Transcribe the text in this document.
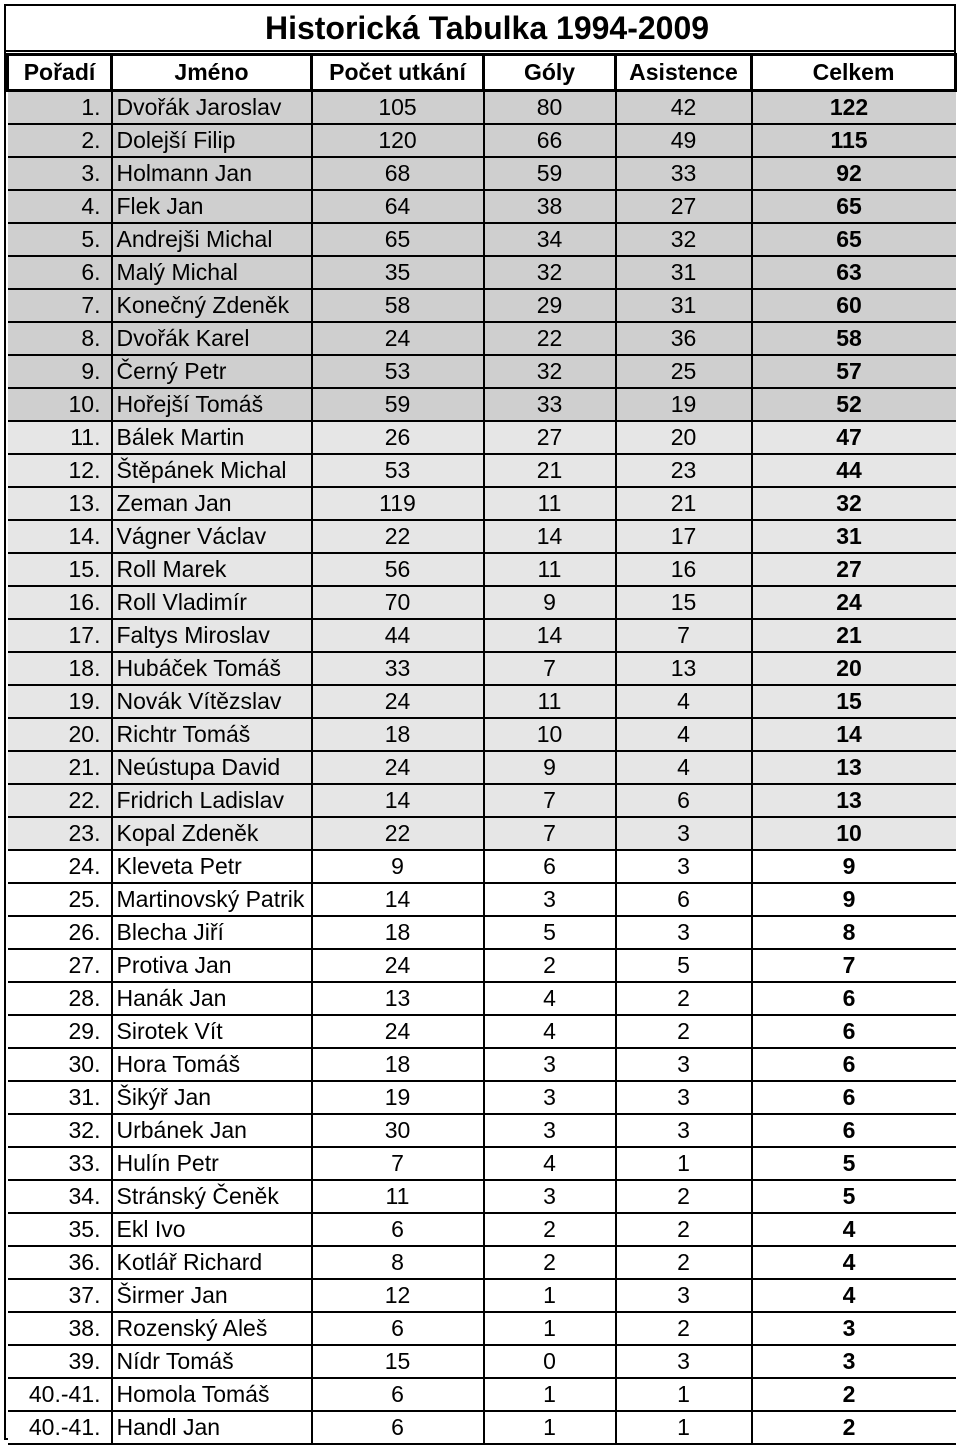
Historická Tabulka 1994-2009
Pořadí	Jméno	Počet utkání	Góly	Asistence	Celkem
1.	Dvořák Jaroslav	105	80	42	122
2.	Dolejší Filip	120	66	49	115
3.	Holmann Jan	68	59	33	92
4.	Flek Jan	64	38	27	65
5.	Andrejši Michal	65	34	32	65
6.	Malý Michal	35	32	31	63
7.	Konečný Zdeněk	58	29	31	60
8.	Dvořák Karel	24	22	36	58
9.	Černý Petr	53	32	25	57
10.	Hořejší Tomáš	59	33	19	52
11.	Bálek Martin	26	27	20	47
12.	Štěpánek Michal	53	21	23	44
13.	Zeman Jan	119	11	21	32
14.	Vágner Václav	22	14	17	31
15.	Roll Marek	56	11	16	27
16.	Roll Vladimír	70	9	15	24
17.	Faltys Miroslav	44	14	7	21
18.	Hubáček Tomáš	33	7	13	20
19.	Novák Vítězslav	24	11	4	15
20.	Richtr Tomáš	18	10	4	14
21.	Neústupa David	24	9	4	13
22.	Fridrich Ladislav	14	7	6	13
23.	Kopal Zdeněk	22	7	3	10
24.	Kleveta Petr	9	6	3	9
25.	Martinovský Patrik	14	3	6	9
26.	Blecha Jiří	18	5	3	8
27.	Protiva Jan	24	2	5	7
28.	Hanák Jan	13	4	2	6
29.	Sirotek Vít	24	4	2	6
30.	Hora Tomáš	18	3	3	6
31.	Šikýř Jan	19	3	3	6
32.	Urbánek Jan	30	3	3	6
33.	Hulín Petr	7	4	1	5
34.	Stránský Čeněk	11	3	2	5
35.	Ekl Ivo	6	2	2	4
36.	Kotlář Richard	8	2	2	4
37.	Širmer Jan	12	1	3	4
38.	Rozenský Aleš	6	1	2	3
39.	Nídr Tomáš	15	0	3	3
40.-41.	Homola Tomáš	6	1	1	2
40.-41.	Handl Jan	6	1	1	2
